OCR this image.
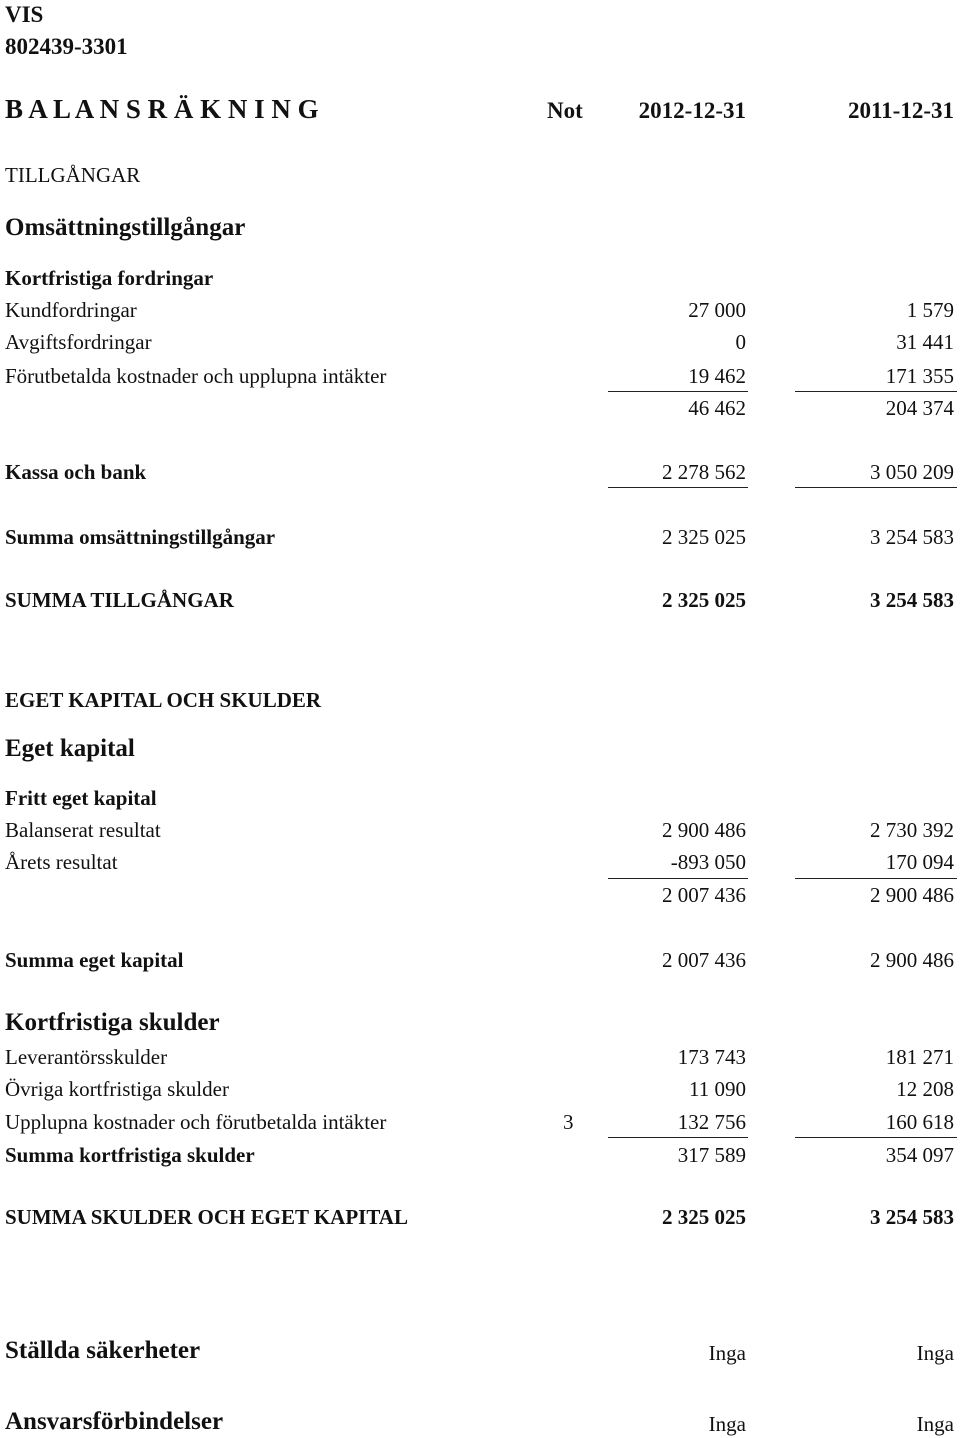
VIS
802439-3301
B A L A N S R Ä K N I N G	Not 2012-12-31	2011-12-31
TILLGÅNGAR
Omsättningstillgångar
Kortfristiga fordringar
Kundfordringar	27 000	1 579
Avgiftsfordringar	0	31 441
Förutbetalda kostnader och upplupna intäkter	19 462	171 355
46 462	204 374
Kassa och bank	2 278 562	3 050 209
Summa omsättningstillgångar	2 325 025	3 254 583
SUMMA TILLGÅNGAR	2 325 025	3 254 583
EGET KAPITAL OCH SKULDER
Eget kapital
Fritt eget kapital
Balanserat resultat	2 900 486	2 730 392
Årets resultat	-893 050	170 094
2 007 436	2 900 486
Summa eget kapital	2 007 436	2 900 486
Kortfristiga skulder
Leverantörsskulder	173 743	181 271
Övriga kortfristiga skulder	11 090	12 208
Upplupna kostnader och förutbetalda intäkter	3	132 756	160 618
Summa kortfristiga skulder	317 589	354 097
SUMMA SKULDER OCH EGET KAPITAL	2 325 025	3 254 583
Ställda säkerheter	Inga	Inga
Ansvarsförbindelser	Inga	Inga
